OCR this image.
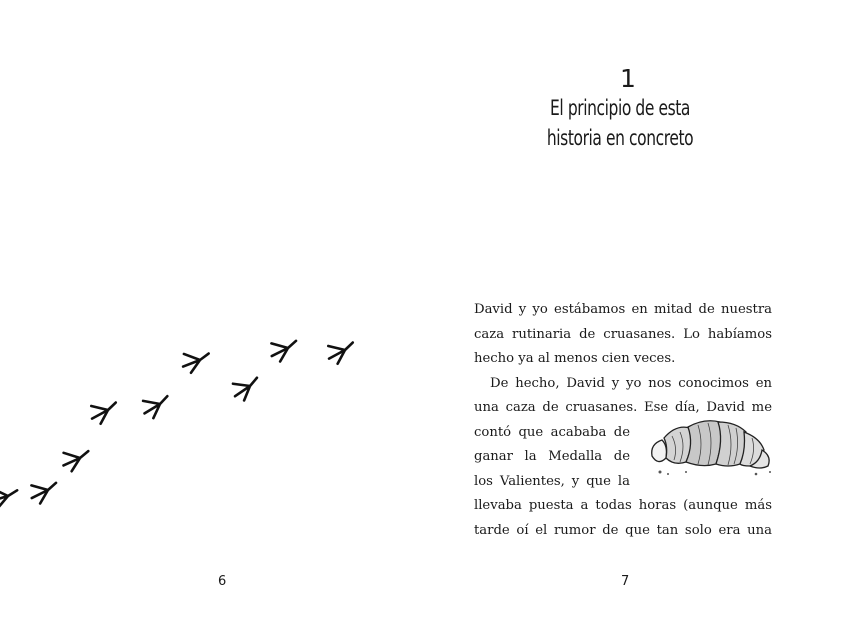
6
1
El principio de esta
historia en concreto
David y yo estábamos en mitad de nuestra
caza rutinaria de cruasanes. Lo habíamos
hecho ya al menos cien veces.
De hecho, David y yo nos conocimos en
una caza de cruasanes. Ese día, David me
contó que acababa de
ganar la Medalla de
los Valientes, y que la
llevaba puesta a todas horas (aunque más
tarde oí el rumor de que tan solo era una
7
